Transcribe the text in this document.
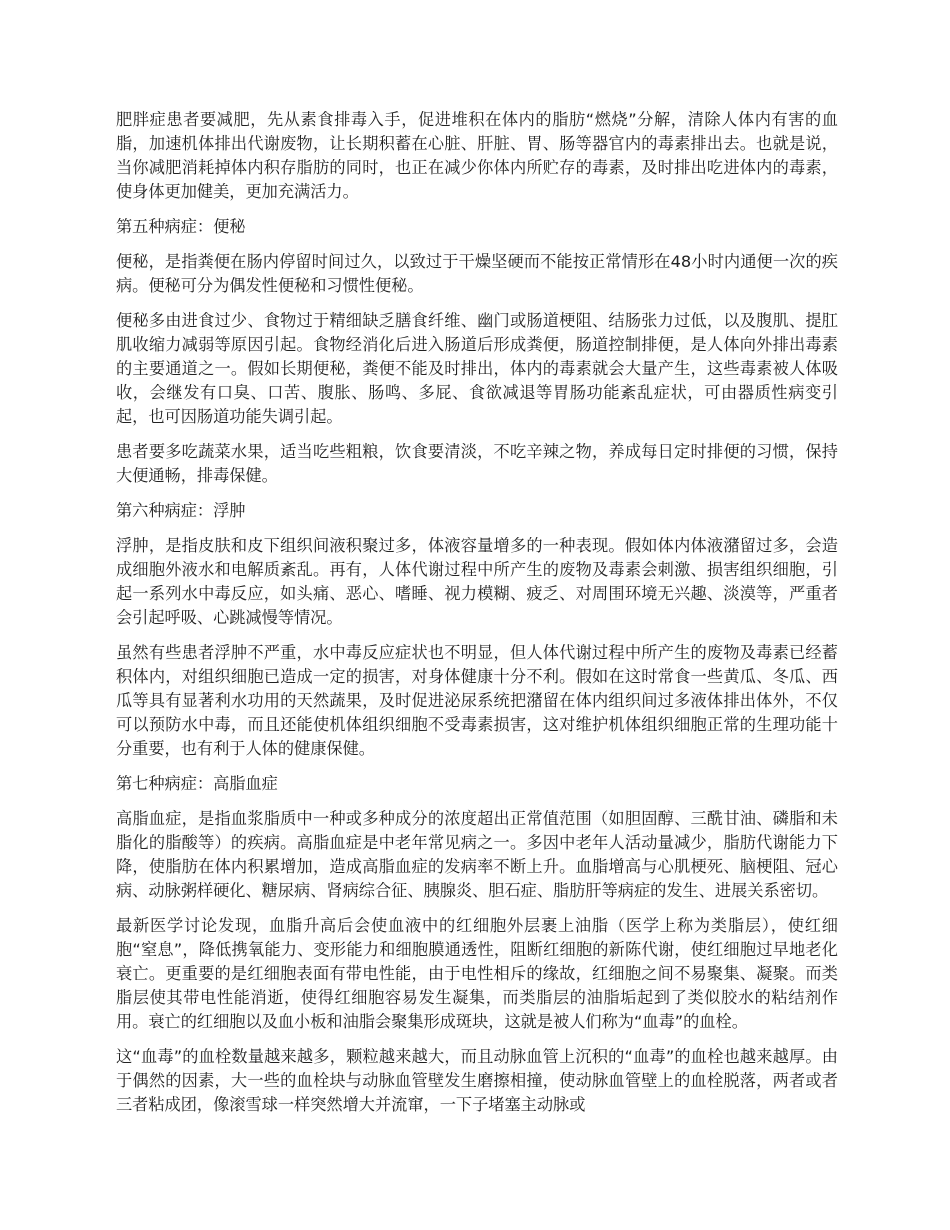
肥胖症患者要减肥，先从素食排毒入手，促进堆积在体内的脂肪“燃烧”分解，清除人体内有害的血脂，加速机体排出代谢废物，让长期积蓄在心脏、肝脏、胃、肠等器官内的毒素排出去。也就是说，当你减肥消耗掉体内积存脂肪的同时，也正在减少你体内所贮存的毒素，及时排出吃进体内的毒素，使身体更加健美，更加充满活力。

第五种病症：便秘

便秘，是指粪便在肠内停留时间过久，以致过于干燥坚硬而不能按正常情形在48小时内通便一次的疾病。便秘可分为偶发性便秘和习惯性便秘。

便秘多由进食过少、食物过于精细缺乏膳食纤维、幽门或肠道梗阻、结肠张力过低，以及腹肌、提肛肌收缩力减弱等原因引起。食物经消化后进入肠道后形成粪便，肠道控制排便，是人体向外排出毒素的主要通道之一。假如长期便秘，粪便不能及时排出，体内的毒素就会大量产生，这些毒素被人体吸收，会继发有口臭、口苦、腹胀、肠鸣、多屁、食欲减退等胃肠功能紊乱症状，可由器质性病变引起，也可因肠道功能失调引起。

患者要多吃蔬菜水果，适当吃些粗粮，饮食要清淡，不吃辛辣之物，养成每日定时排便的习惯，保持大便通畅，排毒保健。

第六种病症：浮肿

浮肿，是指皮肤和皮下组织间液积聚过多，体液容量增多的一种表现。假如体内体液潴留过多，会造成细胞外液水和电解质紊乱。再有，人体代谢过程中所产生的废物及毒素会刺激、损害组织细胞，引起一系列水中毒反应，如头痛、恶心、嗜睡、视力模糊、疲乏、对周围环境无兴趣、淡漠等，严重者会引起呼吸、心跳减慢等情况。

虽然有些患者浮肿不严重，水中毒反应症状也不明显，但人体代谢过程中所产生的废物及毒素已经蓄积体内，对组织细胞已造成一定的损害，对身体健康十分不利。假如在这时常食一些黄瓜、冬瓜、西瓜等具有显著利水功用的天然蔬果，及时促进泌尿系统把潴留在体内组织间过多液体排出体外，不仅可以预防水中毒，而且还能使机体组织细胞不受毒素损害，这对维护机体组织细胞正常的生理功能十分重要，也有利于人体的健康保健。

第七种病症：高脂血症

高脂血症，是指血浆脂质中一种或多种成分的浓度超出正常值范围（如胆固醇、三酰甘油、磷脂和未脂化的脂酸等）的疾病。高脂血症是中老年常见病之一。多因中老年人活动量减少，脂肪代谢能力下降，使脂肪在体内积累增加，造成高脂血症的发病率不断上升。血脂增高与心肌梗死、脑梗阻、冠心病、动脉粥样硬化、糖尿病、肾病综合征、胰腺炎、胆石症、脂肪肝等病症的发生、进展关系密切。

最新医学讨论发现，血脂升高后会使血液中的红细胞外层裹上油脂（医学上称为类脂层），使红细胞“窒息”，降低携氧能力、变形能力和细胞膜通透性，阻断红细胞的新陈代谢，使红细胞过早地老化衰亡。更重要的是红细胞表面有带电性能，由于电性相斥的缘故，红细胞之间不易聚集、凝聚。而类脂层使其带电性能消逝，使得红细胞容易发生凝集，而类脂层的油脂垢起到了类似胶水的粘结剂作用。衰亡的红细胞以及血小板和油脂会聚集形成斑块，这就是被人们称为“血毒”的血栓。

这“血毒”的血栓数量越来越多，颗粒越来越大，而且动脉血管上沉积的“血毒”的血栓也越来越厚。由于偶然的因素，大一些的血栓块与动脉血管壁发生磨擦相撞，使动脉血管壁上的血栓脱落，两者或者三者粘成团，像滚雪球一样突然增大并流窜，一下子堵塞主动脉或
